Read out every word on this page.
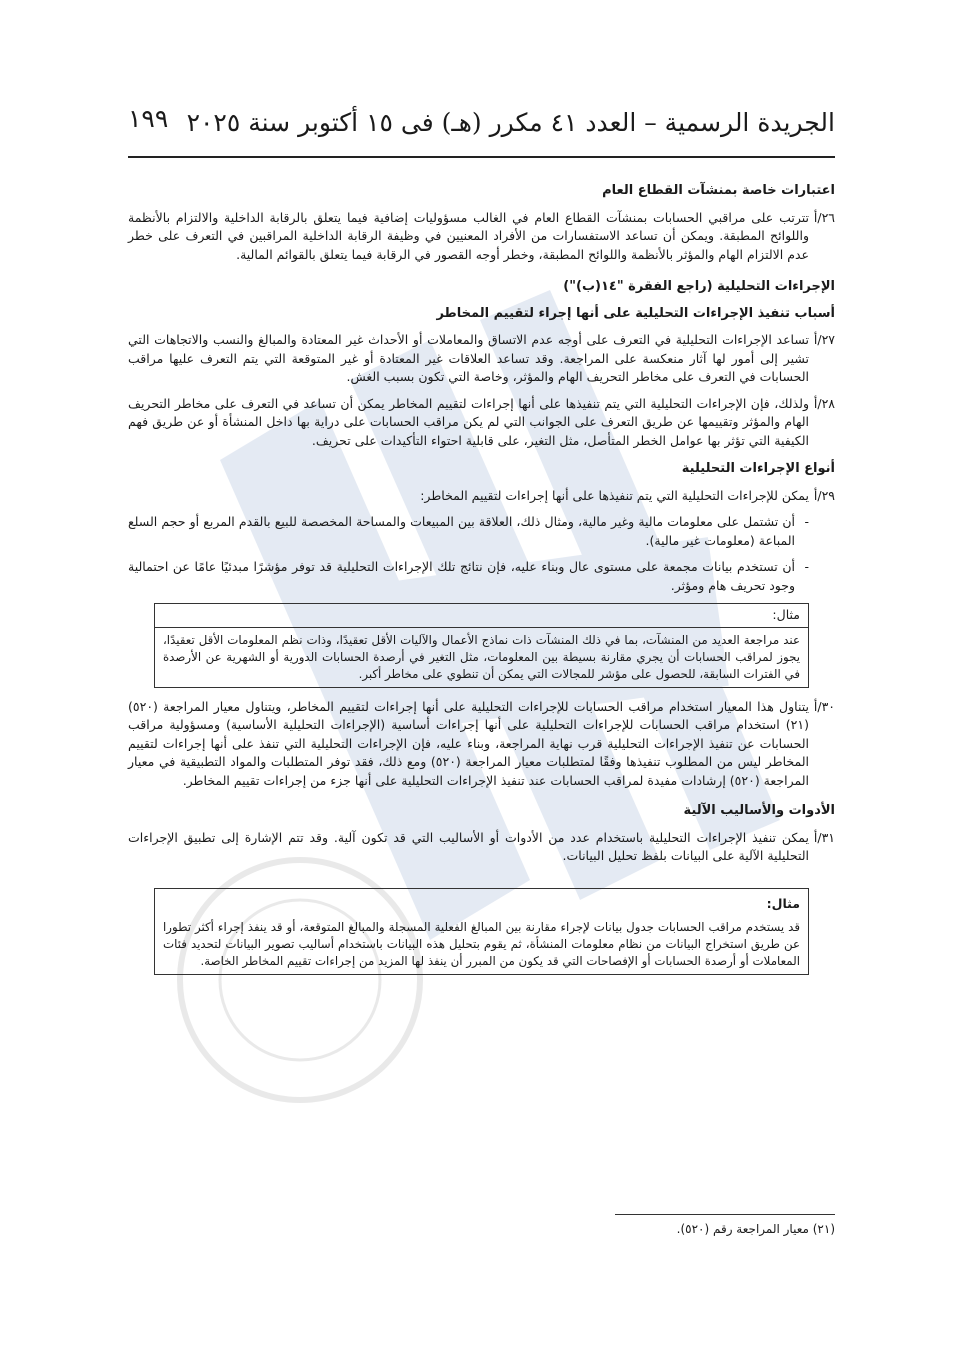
الجريدة الرسمية – العدد ٤١ مكرر (هـ) فى ١٥ أكتوبر سنة ٢٠٢٥
١٩٩
اعتبارات خاصة بمنشآت القطاع العام
٢٦/أ
تترتب على مراقبي الحسابات بمنشآت القطاع العام في الغالب مسؤوليات إضافية فيما يتعلق بالرقابة الداخلية والالتزام بالأنظمة واللوائح المطبقة. ويمكن أن تساعد الاستفسارات من الأفراد المعنيين في وظيفة الرقابة الداخلية المراقبين في التعرف على خطر عدم الالتزام الهام والمؤثر بالأنظمة واللوائح المطبقة، وخطر أوجه القصور في الرقابة فيما يتعلق بالقوائم المالية.
الإجراءات التحليلية (راجع الفقرة "١٤(ب)")
أسباب تنفيذ الإجراءات التحليلية على أنها إجراء لتقييم المخاطر
٢٧/أ
تساعد الإجراءات التحليلية في التعرف على أوجه عدم الاتساق والمعاملات أو الأحداث غير المعتادة والمبالغ والنسب والاتجاهات التي تشير إلى أمور لها آثار منعكسة على المراجعة. وقد تساعد العلاقات غير المعتادة أو غير المتوقعة التي يتم التعرف عليها مراقب الحسابات في التعرف على مخاطر التحريف الهام والمؤثر، وخاصة التي تكون بسبب الغش.
٢٨/أ
ولذلك، فإن الإجراءات التحليلية التي يتم تنفيذها على أنها إجراءات لتقييم المخاطر يمكن أن تساعد في التعرف على مخاطر التحريف الهام والمؤثر وتقييمها عن طريق التعرف على الجوانب التي لم يكن مراقب الحسابات على دراية بها داخل المنشأة أو عن طريق فهم الكيفية التي تؤثر بها عوامل الخطر المتأصل، مثل التغير، على قابلية احتواء التأكيدات على تحريف.
أنواع الإجراءات التحليلية
٢٩/أ
يمكن للإجراءات التحليلية التي يتم تنفيذها على أنها إجراءات لتقييم المخاطر:
-
أن تشتمل على معلومات مالية وغير مالية، ومثال ذلك، العلاقة بين المبيعات والمساحة المخصصة للبيع بالقدم المربع أو حجم السلع المباعة (معلومات غير مالية).
-
أن تستخدم بيانات مجمعة على مستوى عال وبناء عليه، فإن نتائج تلك الإجراءات التحليلية قد توفر مؤشرًا مبدئيًا عامًا عن احتمالية وجود تحريف هام ومؤثر.
مثال:
عند مراجعة العديد من المنشآت، بما في ذلك المنشآت ذات نماذج الأعمال والآليات الأقل تعقيدًا، وذات نظم المعلومات الأقل تعقيدًا، يجوز لمراقب الحسابات أن يجري مقارنة بسيطة بين المعلومات، مثل التغير في أرصدة الحسابات الدورية أو الشهرية عن الأرصدة في الفترات السابقة، للحصول على مؤشر للمجالات التي يمكن أن تنطوي على مخاطر أكبر.
٣٠/أ
يتناول هذا المعيار استخدام مراقب الحسابات للإجراءات التحليلية على أنها إجراءات لتقييم المخاطر، ويتناول معيار المراجعة (٥٢٠) (٢١) استخدام مراقب الحسابات للإجراءات التحليلية على أنها إجراءات أساسية (الإجراءات التحليلية الأساسية) ومسؤولية مراقب الحسابات عن تنفيذ الإجراءات التحليلية قرب نهاية المراجعة، وبناء عليه، فإن الإجراءات التحليلية التي تنفذ على أنها إجراءات لتقييم المخاطر ليس من المطلوب تنفيذها وفقًا لمتطلبات معيار المراجعة (٥٢٠) ومع ذلك، فقد توفر المتطلبات والمواد التطبيقية في معيار المراجعة (٥٢٠) إرشادات مفيدة لمراقب الحسابات عند تنفيذ الإجراءات التحليلية على أنها جزء من إجراءات تقييم المخاطر.
الأدوات والأساليب الآلية
٣١/أ
يمكن تنفيذ الإجراءات التحليلية باستخدام عدد من الأدوات أو الأساليب التي قد تكون آلية. وقد تتم الإشارة إلى تطبيق الإجراءات التحليلية الآلية على البيانات بلفظ تحليل البيانات.
مثال:
قد يستخدم مراقب الحسابات جدول بيانات لإجراء مقارنة بين المبالغ الفعلية المسجلة والمبالغ المتوقعة، أو قد ينفذ إجراء أكثر تطورا عن طريق استخراج البيانات من نظام معلومات المنشأة، ثم يقوم بتحليل هذه البيانات باستخدام أساليب تصوير البيانات لتحديد فئات المعاملات أو أرصدة الحسابات أو الإفصاحات التي قد يكون من المبرر أن ينفذ لها المزيد من إجراءات تقييم المخاطر الخاصة.
(٢١) معيار المراجعة رقم (٥٢٠).
